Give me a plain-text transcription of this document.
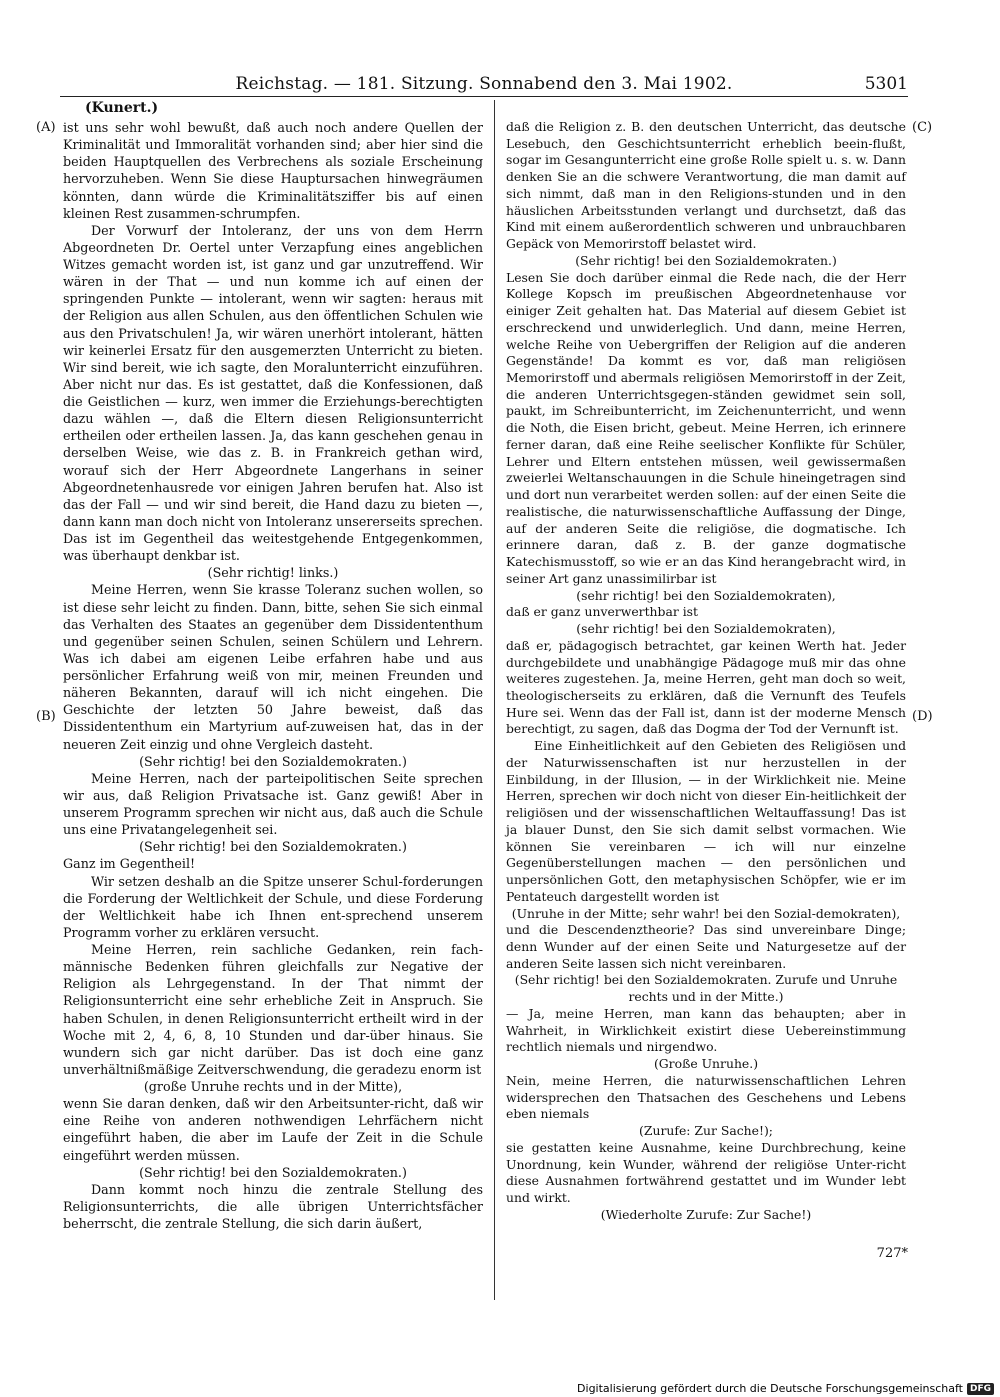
Reichstag. — 181. Sitzung. Sonnabend den 3. Mai 1902.	5301
(Kunert.)
(A)
(B)
(C)
(D)

ist uns sehr wohl bewußt, daß auch noch andere Quellen der Kriminalität und Immoralität vorhanden sind; aber hier sind die beiden Hauptquellen des Verbrechens als soziale Erscheinung hervorzuheben. Wenn Sie diese Hauptursachen hinwegräumen könnten, dann würde die Kriminalitätsziffer bis auf einen kleinen Rest zusammen-schrumpfen.

Der Vorwurf der Intoleranz, der uns von dem Herrn Abgeordneten Dr. Oertel unter Verzapfung eines angeblichen Witzes gemacht worden ist, ist ganz und gar unzutreffend. Wir wären in der That — und nun komme ich auf einen der springenden Punkte — intolerant, wenn wir sagten: heraus mit der Religion aus allen Schulen, aus den öffentlichen Schulen wie aus den Privatschulen! Ja, wir wären unerhört intolerant, hätten wir keinerlei Ersatz für den ausgemerzten Unterricht zu bieten. Wir sind bereit, wie ich sagte, den Moralunterricht einzuführen. Aber nicht nur das. Es ist gestattet, daß die Konfessionen, daß die Geistlichen — kurz, wen immer die Erziehungs-berechtigten dazu wählen —, daß die Eltern diesen Religionsunterricht ertheilen oder ertheilen lassen. Ja, das kann geschehen genau in derselben Weise, wie das z. B. in Frankreich gethan wird, worauf sich der Herr Abgeordnete Langerhans in seiner Abgeordnetenhausrede vor einigen Jahren berufen hat. Also ist das der Fall — und wir sind bereit, die Hand dazu zu bieten —, dann kann man doch nicht von Intoleranz unsererseits sprechen. Das ist im Gegentheil das weitestgehende Entgegenkommen, was überhaupt denkbar ist.

(Sehr richtig! links.)

Meine Herren, wenn Sie krasse Toleranz suchen wollen, so ist diese sehr leicht zu finden. Dann, bitte, sehen Sie sich einmal das Verhalten des Staates an gegenüber dem Dissidententhum und gegenüber seinen Schulen, seinen Schülern und Lehrern. Was ich dabei am eigenen Leibe erfahren habe und aus persönlicher Erfahrung weiß von mir, meinen Freunden und näheren Bekannten, darauf will ich nicht eingehen. Die Geschichte der letzten 50 Jahre beweist, daß das Dissidententhum ein Martyrium auf-zuweisen hat, das in der neueren Zeit einzig und ohne Vergleich dasteht.

(Sehr richtig! bei den Sozialdemokraten.)

Meine Herren, nach der parteipolitischen Seite sprechen wir aus, daß Religion Privatsache ist. Ganz gewiß! Aber in unserem Programm sprechen wir nicht aus, daß auch die Schule uns eine Privatangelegenheit sei.

(Sehr richtig! bei den Sozialdemokraten.)

Ganz im Gegentheil!

Wir setzen deshalb an die Spitze unserer Schul-forderungen die Forderung der Weltlichkeit der Schule, und diese Forderung der Weltlichkeit habe ich Ihnen ent-sprechend unserem Programm vorher zu erklären versucht.

Meine Herren, rein sachliche Gedanken, rein fach-männische Bedenken führen gleichfalls zur Negative der Religion als Lehrgegenstand. In der That nimmt der Religionsunterricht eine sehr erhebliche Zeit in Anspruch. Sie haben Schulen, in denen Religionsunterricht ertheilt wird in der Woche mit 2, 4, 6, 8, 10 Stunden und dar-über hinaus. Sie wundern sich gar nicht darüber. Das ist doch eine ganz unverhältnißmäßige Zeitverschwendung, die geradezu enorm ist

(große Unruhe rechts und in der Mitte),

wenn Sie daran denken, daß wir den Arbeitsunter-richt, daß wir eine Reihe von anderen nothwendigen Lehrfächern nicht eingeführt haben, die aber im Laufe der Zeit in die Schule eingeführt werden müssen.

(Sehr richtig! bei den Sozialdemokraten.)

Dann kommt noch hinzu die zentrale Stellung des Religionsunterrichts, die alle übrigen Unterrichtsfächer beherrscht, die zentrale Stellung, die sich darin äußert,

daß die Religion z. B. den deutschen Unterricht, das deutsche Lesebuch, den Geschichtsunterricht erheblich beein-flußt, sogar im Gesangunterricht eine große Rolle spielt u. s. w. Dann denken Sie an die schwere Verantwortung, die man damit auf sich nimmt, daß man in den Religions-stunden und in den häuslichen Arbeitsstunden verlangt und durchsetzt, daß das Kind mit einem außerordentlich schweren und unbrauchbaren Gepäck von Memorirstoff belastet wird.

(Sehr richtig! bei den Sozialdemokraten.)

Lesen Sie doch darüber einmal die Rede nach, die der Herr Kollege Kopsch im preußischen Abgeordnetenhause vor einiger Zeit gehalten hat. Das Material auf diesem Gebiet ist erschreckend und unwiderleglich. Und dann, meine Herren, welche Reihe von Uebergriffen der Religion auf die anderen Gegenstände! Da kommt es vor, daß man religiösen Memorirstoff und abermals religiösen Memorirstoff in der Zeit, die anderen Unterrichtsgegen-ständen gewidmet sein soll, paukt, im Schreibunterricht, im Zeichenunterricht, und wenn die Noth, die Eisen bricht, gebeut. Meine Herren, ich erinnere ferner daran, daß eine Reihe seelischer Konflikte für Schüler, Lehrer und Eltern entstehen müssen, weil gewissermaßen zweierlei Weltanschauungen in die Schule hineingetragen sind und dort nun verarbeitet werden sollen: auf der einen Seite die realistische, die naturwissenschaftliche Auffassung der Dinge, auf der anderen Seite die religiöse, die dogmatische. Ich erinnere daran, daß z. B. der ganze dogmatische Katechismusstoff, so wie er an das Kind herangebracht wird, in seiner Art ganz unassimilirbar ist

(sehr richtig! bei den Sozialdemokraten),

daß er ganz unverwerthbar ist

(sehr richtig! bei den Sozialdemokraten),

daß er, pädagogisch betrachtet, gar keinen Werth hat. Jeder durchgebildete und unabhängige Pädagoge muß mir das ohne weiteres zugestehen. Ja, meine Herren, geht man doch so weit, theologischerseits zu erklären, daß die Vernunft des Teufels Hure sei. Wenn das der Fall ist, dann ist der moderne Mensch berechtigt, zu sagen, daß das Dogma der Tod der Vernunft ist.

Eine Einheitlichkeit auf den Gebieten des Religiösen und der Naturwissenschaften ist nur herzustellen in der Einbildung, in der Illusion, — in der Wirklichkeit nie. Meine Herren, sprechen wir doch nicht von dieser Ein-heitlichkeit der religiösen und der wissenschaftlichen Weltauffassung! Das ist ja blauer Dunst, den Sie sich damit selbst vormachen. Wie können Sie vereinbaren — ich will nur einzelne Gegenüberstellungen machen — den persönlichen und unpersönlichen Gott, den metaphysischen Schöpfer, wie er im Pentateuch dargestellt worden ist

(Unruhe in der Mitte; sehr wahr! bei den Sozial-demokraten),

und die Descendenztheorie? Das sind unvereinbare Dinge; denn Wunder auf der einen Seite und Naturgesetze auf der anderen Seite lassen sich nicht vereinbaren.

(Sehr richtig! bei den Sozialdemokraten. Zurufe und Unruhe rechts und in der Mitte.)

— Ja, meine Herren, man kann das behaupten; aber in Wahrheit, in Wirklichkeit existirt diese Uebereinstimmung rechtlich niemals und nirgendwo.

(Große Unruhe.)

Nein, meine Herren, die naturwissenschaftlichen Lehren widersprechen den Thatsachen des Geschehens und Lebens eben niemals

(Zurufe: Zur Sache!);

sie gestatten keine Ausnahme, keine Durchbrechung, keine Unordnung, kein Wunder, während der religiöse Unter-richt diese Ausnahmen fortwährend gestattet und im Wunder lebt und wirkt.

(Wiederholte Zurufe: Zur Sache!)

727*
Digitalisierung gefördert durch die Deutsche Forschungsgemeinschaft DFG
